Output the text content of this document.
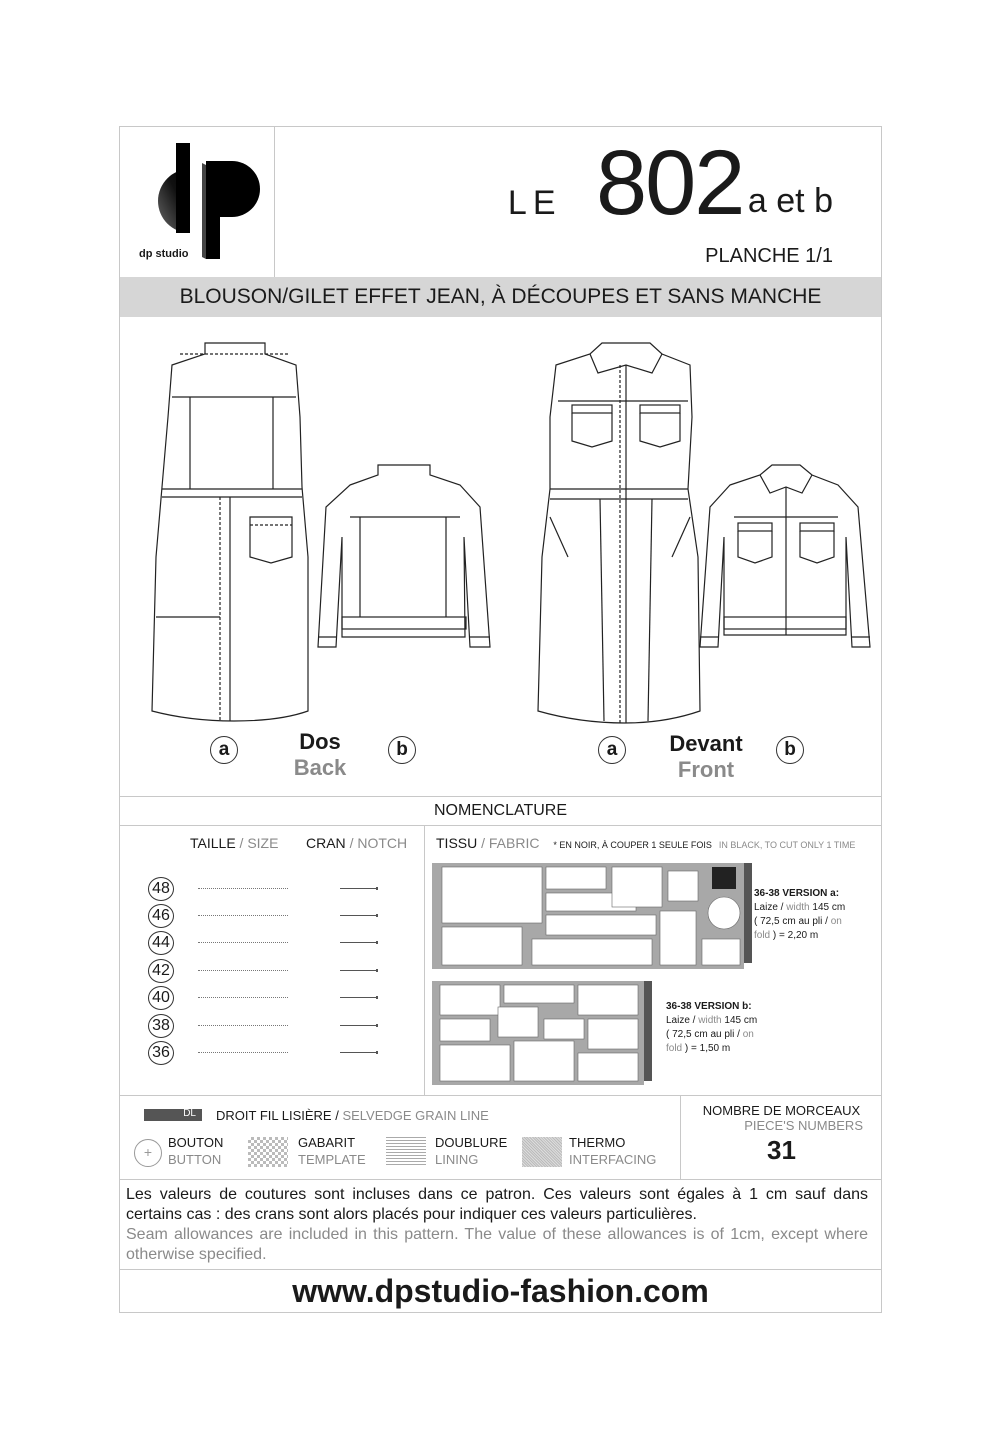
dp studio
LE 802 a et b
PLANCHE 1/1
BLOUSON/GILET EFFET JEAN, À DÉCOUPES ET SANS MANCHE
a	Dos
Back
b	a	Devant
Front
b
NOMENCLATURE
TAILLE / SIZE CRAN / NOTCH
48
46
44
42
40
38
36
TISSU / FABRIC * EN NOIR, À COUPER 1 SEULE FOIS IN BLACK, TO CUT ONLY 1 TIME
36-38 VERSION a:
Laize / width 145 cm
( 72,5 cm au pli / on
fold ) = 2,20 m
36-38 VERSION b:
Laize / width 145 cm
( 72,5 cm au pli / on
fold ) = 1,50 m
DL DROIT FIL LISIÈRE / SELVEDGE GRAIN LINE
+
BOUTON
BUTTON
GABARIT
TEMPLATE
DOUBLURE
LINING
THERMO
INTERFACING
NOMBRE DE MORCEAUX
PIECE'S NUMBERS
31
Les valeurs de coutures sont incluses dans ce patron. Ces valeurs sont égales à 1 cm sauf dans certains cas : des crans sont alors placés pour indiquer ces valeurs particulières.
Seam allowances are included in this pattern. The value of these allowances is of 1cm, except where otherwise specified.
www.dpstudio-fashion.com
